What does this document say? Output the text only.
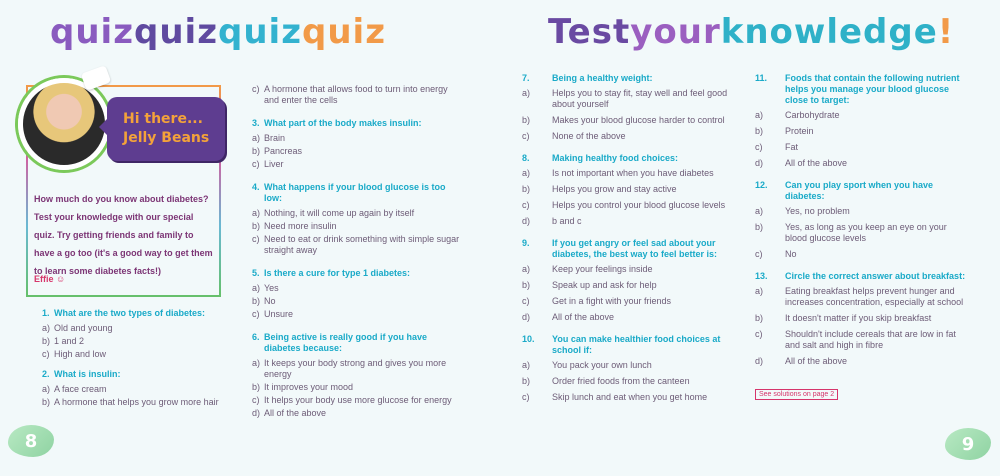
quizquizquizquiz	Testyourknowledge!
Hi there...
Jelly Beans
How much do you know about diabetes? Test your knowledge with our special quiz. Try getting friends and family to have a go too (it's a good way to get them to learn some diabetes facts!)
Effie ☺
1. What are the two types of diabetes:
a) Old and young
b) 1 and 2
c) High and low
2. What is insulin:
a) A face cream
b) A hormone that helps you grow more hair
c) A hormone that allows food to turn into energy and enter the cells
3. What part of the body makes insulin:
a) Brain
b) Pancreas
c) Liver
4. What happens if your blood glucose is too low:
a) Nothing, it will come up again by itself
b) Need more insulin
c) Need to eat or drink something with simple sugar straight away
5. Is there a cure for type 1 diabetes:
a) Yes
b) No
c) Unsure
6. Being active is really good if you have diabetes because:
a) It keeps your body strong and gives you more energy
b) It improves your mood
c) It helps your body use more glucose for energy
d) All of the above
7.	Being a healthy weight:
a)	Helps you to stay fit, stay well and feel good about yourself
b)	Makes your blood glucose harder to control
c)	None of the above
8.	Making healthy food choices:
a)	Is not important when you have diabetes
b)	Helps you grow and stay active
c)	Helps you control your blood glucose levels
d)	b and c
9.	If you get angry or feel sad about your diabetes, the best way to feel better is:
a)	Keep your feelings inside
b)	Speak up and ask for help
c)	Get in a fight with your friends
d)	All of the above
10.	You can make healthier food choices at school if:
a)	You pack your own lunch
b)	Order fried foods from the canteen
c)	Skip lunch and eat when you get home
11.	Foods that contain the following nutrient helps you manage your blood glucose close to target:
a)	Carbohydrate
b)	Protein
c)	Fat
d)	All of the above
12.	Can you play sport when you have diabetes:
a)	Yes, no problem
b)	Yes, as long as you keep an eye on your blood glucose levels
c)	No
13.	Circle the correct answer about breakfast:
a)	Eating breakfast helps prevent hunger and increases concentration, especially at school
b)	It doesn't matter if you skip breakfast
c)	Shouldn't include cereals that are low in fat and salt and high in fibre
d)	All of the above
See solutions on page 2
8	9
